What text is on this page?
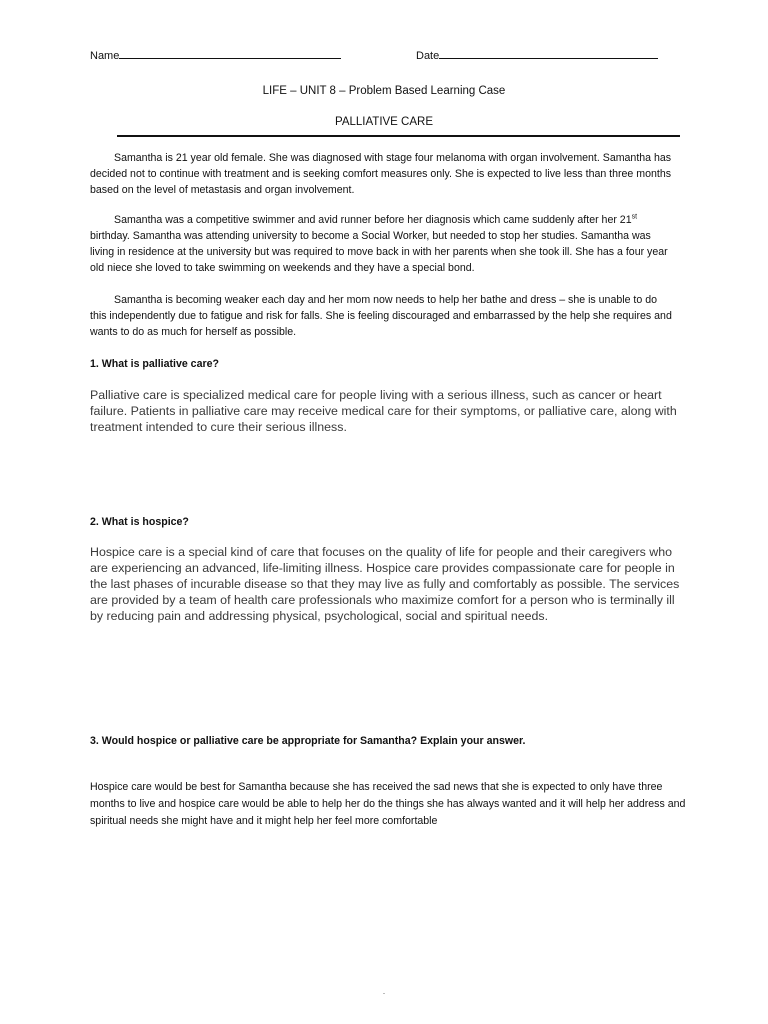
Name	Date
LIFE – UNIT 8 – Problem Based Learning Case
PALLIATIVE CARE

Samantha is 21 year old female. She was diagnosed with stage four melanoma with organ involvement. Samantha has decided not to continue with treatment and is seeking comfort measures only. She is expected to live less than three months based on the level of metastasis and organ involvement.

Samantha was a competitive swimmer and avid runner before her diagnosis which came suddenly after her 21st birthday. Samantha was attending university to become a Social Worker, but needed to stop her studies. Samantha was living in residence at the university but was required to move back in with her parents when she took ill. She has a four year old niece she loved to take swimming on weekends and they have a special bond.

Samantha is becoming weaker each day and her mom now needs to help her bathe and dress – she is unable to do this independently due to fatigue and risk for falls. She is feeling discouraged and embarrassed by the help she requires and wants to do as much for herself as possible.

1. What is palliative care?

Palliative care is specialized medical care for people living with a serious illness, such as cancer or heart failure. Patients in palliative care may receive medical care for their symptoms, or palliative care, along with treatment intended to cure their serious illness.

2. What is hospice?

Hospice care is a special kind of care that focuses on the quality of life for people and their caregivers who are experiencing an advanced, life-limiting illness. Hospice care provides compassionate care for people in the last phases of incurable disease so that they may live as fully and comfortably as possible. The services are provided by a team of health care professionals who maximize comfort for a person who is terminally ill by reducing pain and addressing physical, psychological, social and spiritual needs.

3. Would hospice or palliative care be appropriate for Samantha? Explain your answer.

Hospice care would be best for Samantha because she has received the sad news that she is expected to only have three months to live and hospice care would be able to help her do the things she has always wanted and it will help her address and spiritual needs she might have and it might help her feel more comfortable
